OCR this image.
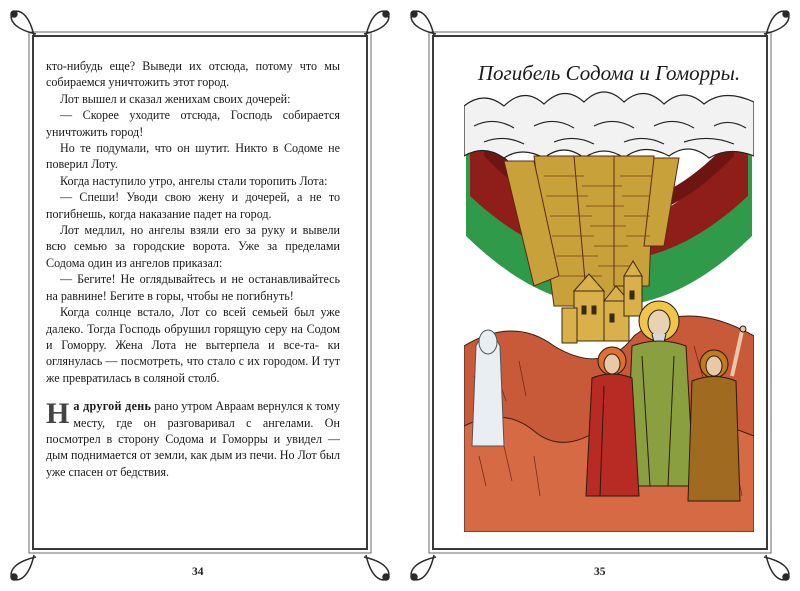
кто-нибудь еще? Выведи их отсюда, потому что мы собираемся уничтожить этот город.

Лот вышел и сказал женихам своих дочерей:

— Скорее уходите отсюда, Господь собирается уничтожить город!

Но те подумали, что он шутит. Никто в Содоме не поверил Лоту.

Когда наступило утро, ангелы стали торопить Лота:

— Спеши! Уводи свою жену и дочерей, а не то погибнешь, когда наказание падет на город.

Лот медлил, но ангелы взяли его за руку и вывели всю семью за городские ворота. Уже за пределами Содома один из ангелов приказал:

— Бегите! Не оглядывайтесь и не останавливайтесь на равнине! Бегите в горы, чтобы не погибнуть!

Когда солнце встало, Лот со всей семьей был уже далеко. Тогда Господь обрушил горящую серу на Содом и Гоморру. Жена Лота не вытерпела и все-та- ки оглянулась — посмотреть, что стало с их городом. И тут же превратилась в соляной столб.

На другой день рано утром Авраам вернулся к тому месту, где он разговаривал с ангелами. Он посмотрел в сторону Содома и Гоморры и увидел — дым поднимается от земли, как дым из печи. Но Лот был уже спасен от бедствия.

34
Погибель Содома и Гоморры.
35
